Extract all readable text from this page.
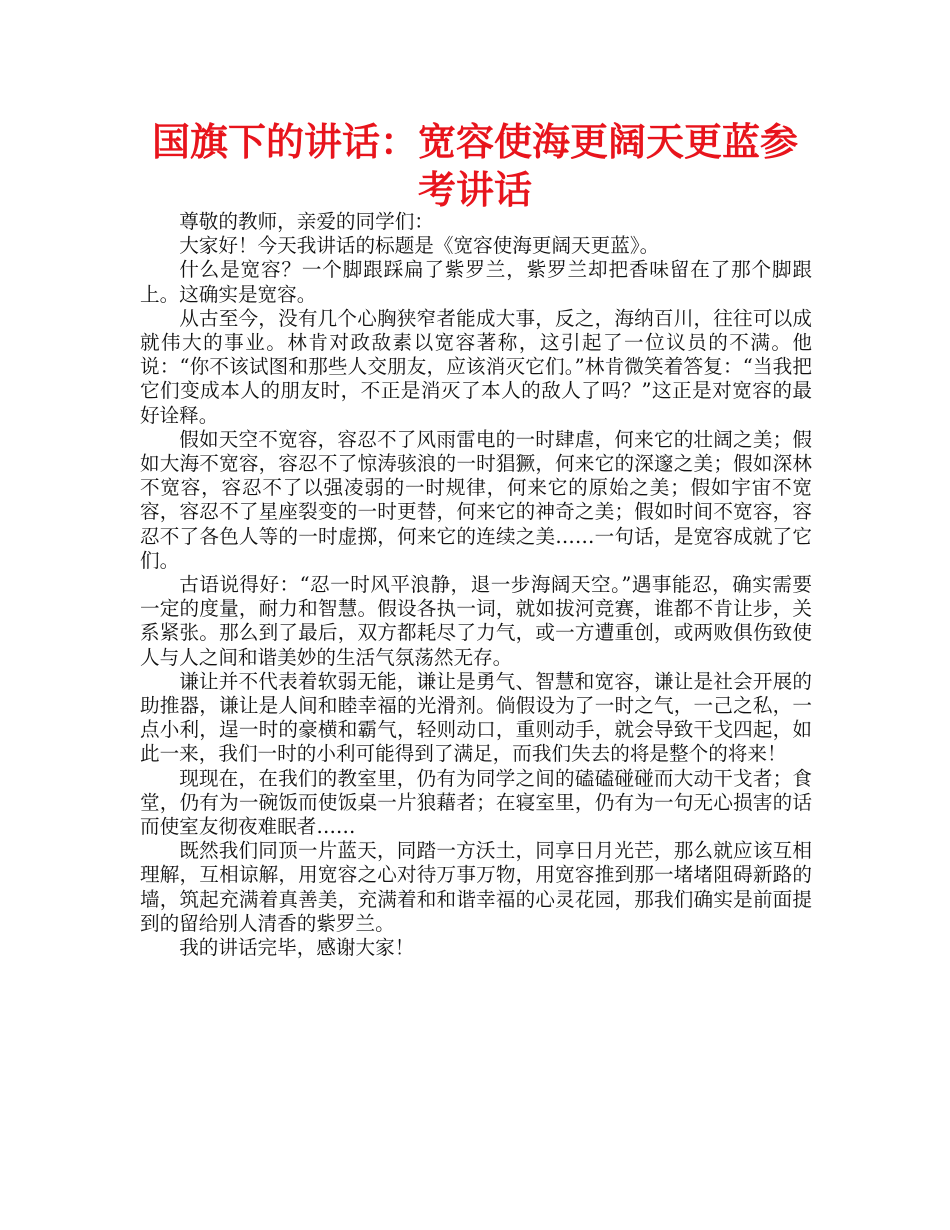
国旗下的讲话：宽容使海更阔天更蓝参考讲话

尊敬的教师，亲爱的同学们：

大家好！今天我讲话的标题是《宽容使海更阔天更蓝》。

什么是宽容？一个脚跟踩扁了紫罗兰，紫罗兰却把香味留在了那个脚跟上。这确实是宽容。

从古至今，没有几个心胸狭窄者能成大事，反之，海纳百川，往往可以成就伟大的事业。林肯对政敌素以宽容著称，这引起了一位议员的不满。他说：“你不该试图和那些人交朋友，应该消灭它们。”林肯微笑着答复：“当我把它们变成本人的朋友时，不正是消灭了本人的敌人了吗？”这正是对宽容的最好诠释。

假如天空不宽容，容忍不了风雨雷电的一时肆虐，何来它的壮阔之美；假如大海不宽容，容忍不了惊涛骇浪的一时猖獗，何来它的深邃之美；假如深林不宽容，容忍不了以强凌弱的一时规律，何来它的原始之美；假如宇宙不宽容，容忍不了星座裂变的一时更替，何来它的神奇之美；假如时间不宽容，容忍不了各色人等的一时虚掷，何来它的连续之美……一句话，是宽容成就了它们。

古语说得好：“忍一时风平浪静，退一步海阔天空。”遇事能忍，确实需要一定的度量，耐力和智慧。假设各执一词，就如拔河竞赛，谁都不肯让步，关系紧张。那么到了最后，双方都耗尽了力气，或一方遭重创，或两败俱伤致使人与人之间和谐美妙的生活气氛荡然无存。

谦让并不代表着软弱无能，谦让是勇气、智慧和宽容，谦让是社会开展的助推器，谦让是人间和睦幸福的光滑剂。倘假设为了一时之气，一己之私，一点小利，逞一时的豪横和霸气，轻则动口，重则动手，就会导致干戈四起，如此一来，我们一时的小利可能得到了满足，而我们失去的将是整个的将来！

现现在，在我们的教室里，仍有为同学之间的磕磕碰碰而大动干戈者；食堂，仍有为一碗饭而使饭桌一片狼藉者；在寝室里，仍有为一句无心损害的话而使室友彻夜难眠者……

既然我们同顶一片蓝天，同踏一方沃土，同享日月光芒，那么就应该互相理解，互相谅解，用宽容之心对待万事万物，用宽容推到那一堵堵阻碍新路的墙，筑起充满着真善美，充满着和和谐幸福的心灵花园，那我们确实是前面提到的留给别人清香的紫罗兰。

我的讲话完毕，感谢大家！
